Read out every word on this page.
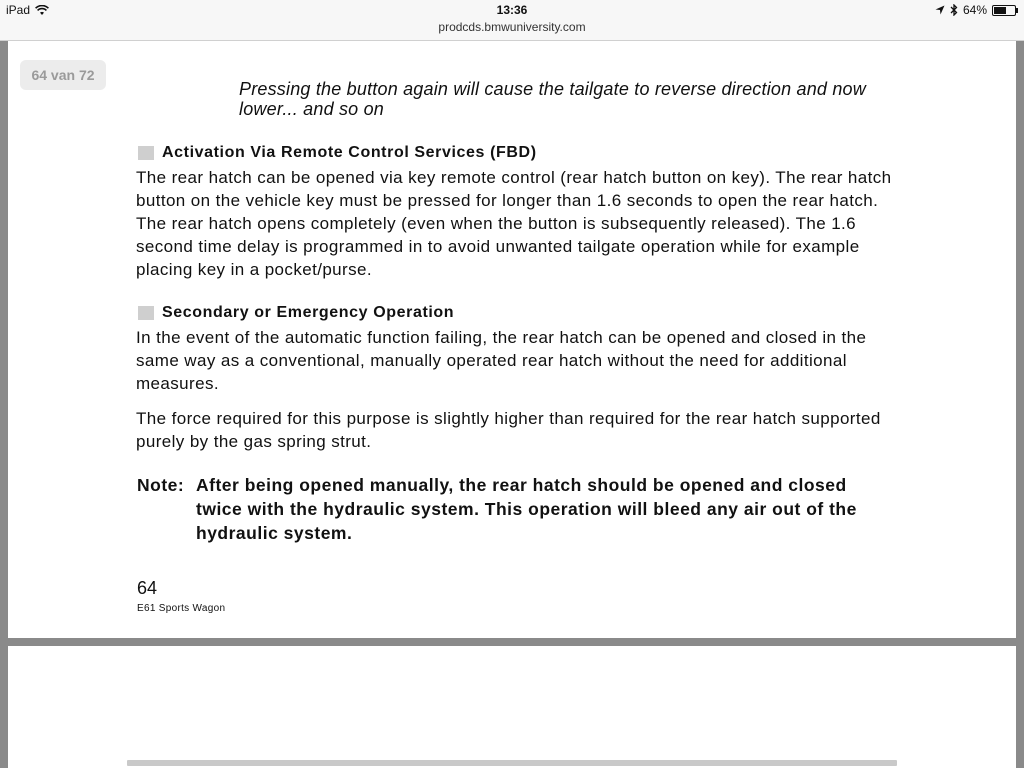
iPad	13:36
prodcds.bmwuniversity.com
64%
Pressing the button again will cause the tailgate to reverse direction and now lower... and so on
Activation Via Remote Control Services (FBD)

The rear hatch can be opened via key remote control (rear hatch button on key). The rear hatch button on the vehicle key must be pressed for longer than 1.6 seconds to open the rear hatch. The rear hatch opens completely (even when the button is subsequently released). The 1.6 second time delay is programmed in to avoid unwanted tailgate operation while for example placing key in a pocket/purse.

Secondary or Emergency Operation

In the event of the automatic function failing, the rear hatch can be opened and closed in the same way as a conventional, manually operated rear hatch without the need for additional measures.

The force required for this purpose is slightly higher than required for the rear hatch supported purely by the gas spring strut.

Note: After being opened manually, the rear hatch should be opened and closed twice with the hydraulic system. This operation will bleed any air out of the hydraulic system.
64
E61 Sports Wagon
64 van 72
